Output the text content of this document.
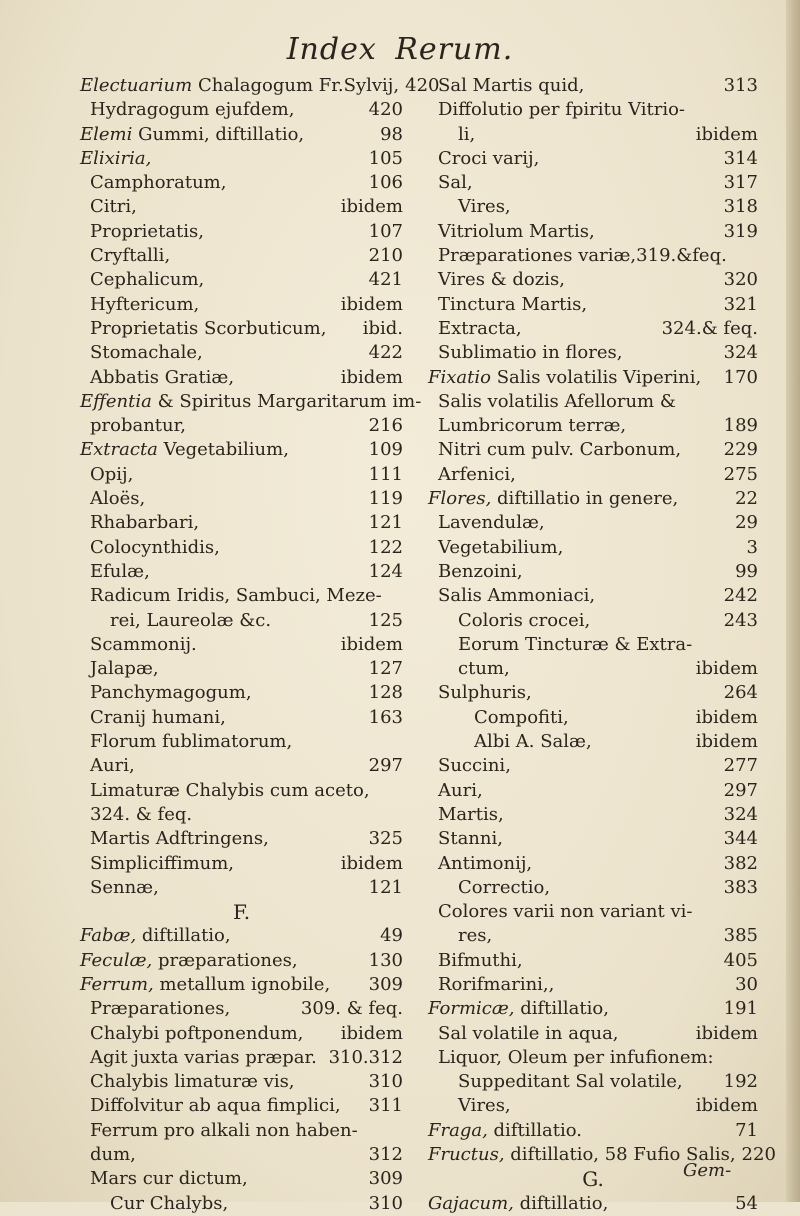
Index Rerum.
Electuarium Chalagogum Fr.Sylvij, 420
Hydragogum ejufdem,	420
Elemi Gummi, diftillatio,	98
Elixiria,	105
Camphoratum,	106
Citri,	ibidem
Proprietatis,	107
Cryftalli,	210
Cephalicum,	421
Hyftericum,	ibidem
Proprietatis Scorbuticum,	ibid.
Stomachale,	422
Abbatis Gratiæ,	ibidem
Effentia & Spiritus Margaritarum im-
probantur,	216
Extracta Vegetabilium,	109
Opij,	111
Aloës,	119
Rhabarbari,	121
Colocynthidis,	122
Efulæ,	124
Radicum Iridis, Sambuci, Meze-
rei, Laureolæ &c.	125
Scammonij.	ibidem
Jalapæ,	127
Panchymagogum,	128
Cranij humani,	163
Florum fublimatorum,
Auri,	297
Limaturæ Chalybis cum aceto,
324. & feq.
Martis Adftringens,	325
Simpliciffimum,	ibidem
Sennæ,	121
F.
Fabæ, diftillatio,	49
Feculæ, præparationes,	130
Ferrum, metallum ignobile,	309
Præparationes,	309. & feq.
Chalybi poftponendum,	ibidem
Agit juxta varias præpar. 310.312
Chalybis limaturæ vis,	310
Diffolvitur ab aqua fimplici,	311
Ferrum pro alkali non haben-
dum,	312
Mars cur dictum,	309
Cur Chalybs,	310
Sal Martis quid,	313
Diffolutio per fpiritu Vitrio-
li,	ibidem
Croci varij,	314
Sal,	317
Vires,	318
Vitriolum Martis,	319
Præparationes variæ,319.&feq.
Vires & dozis,	320
Tinctura Martis,	321
Extracta,	324.& feq.
Sublimatio in flores,	324
Fixatio Salis volatilis Viperini,	170
Salis volatilis Afellorum &
Lumbricorum terræ,	189
Nitri cum pulv. Carbonum,	229
Arfenici,	275
Flores, diftillatio in genere,	22
Lavendulæ,	29
Vegetabilium,	3
Benzoini,	99
Salis Ammoniaci,	242
Coloris crocei,	243
Eorum Tincturæ & Extra-
ctum,	ibidem
Sulphuris,	264
Compofiti,	ibidem
Albi A. Salæ,	ibidem
Succini,	277
Auri,	297
Martis,	324
Stanni,	344
Antimonij,	382
Correctio,	383
Colores varii non variant vi-
res,	385
Bifmuthi,	405
Rorifmarini,,	30
Formicæ, diftillatio,	191
Sal volatile in aqua,	ibidem
Liquor, Oleum per infufionem:
Suppeditant Sal volatile,	192
Vires,	ibidem
Fraga, diftillatio.	71
Fructus, diftillatio, 58 Fufio Salis, 220
G.
Gajacum, diftillatio,	54
Gem-
